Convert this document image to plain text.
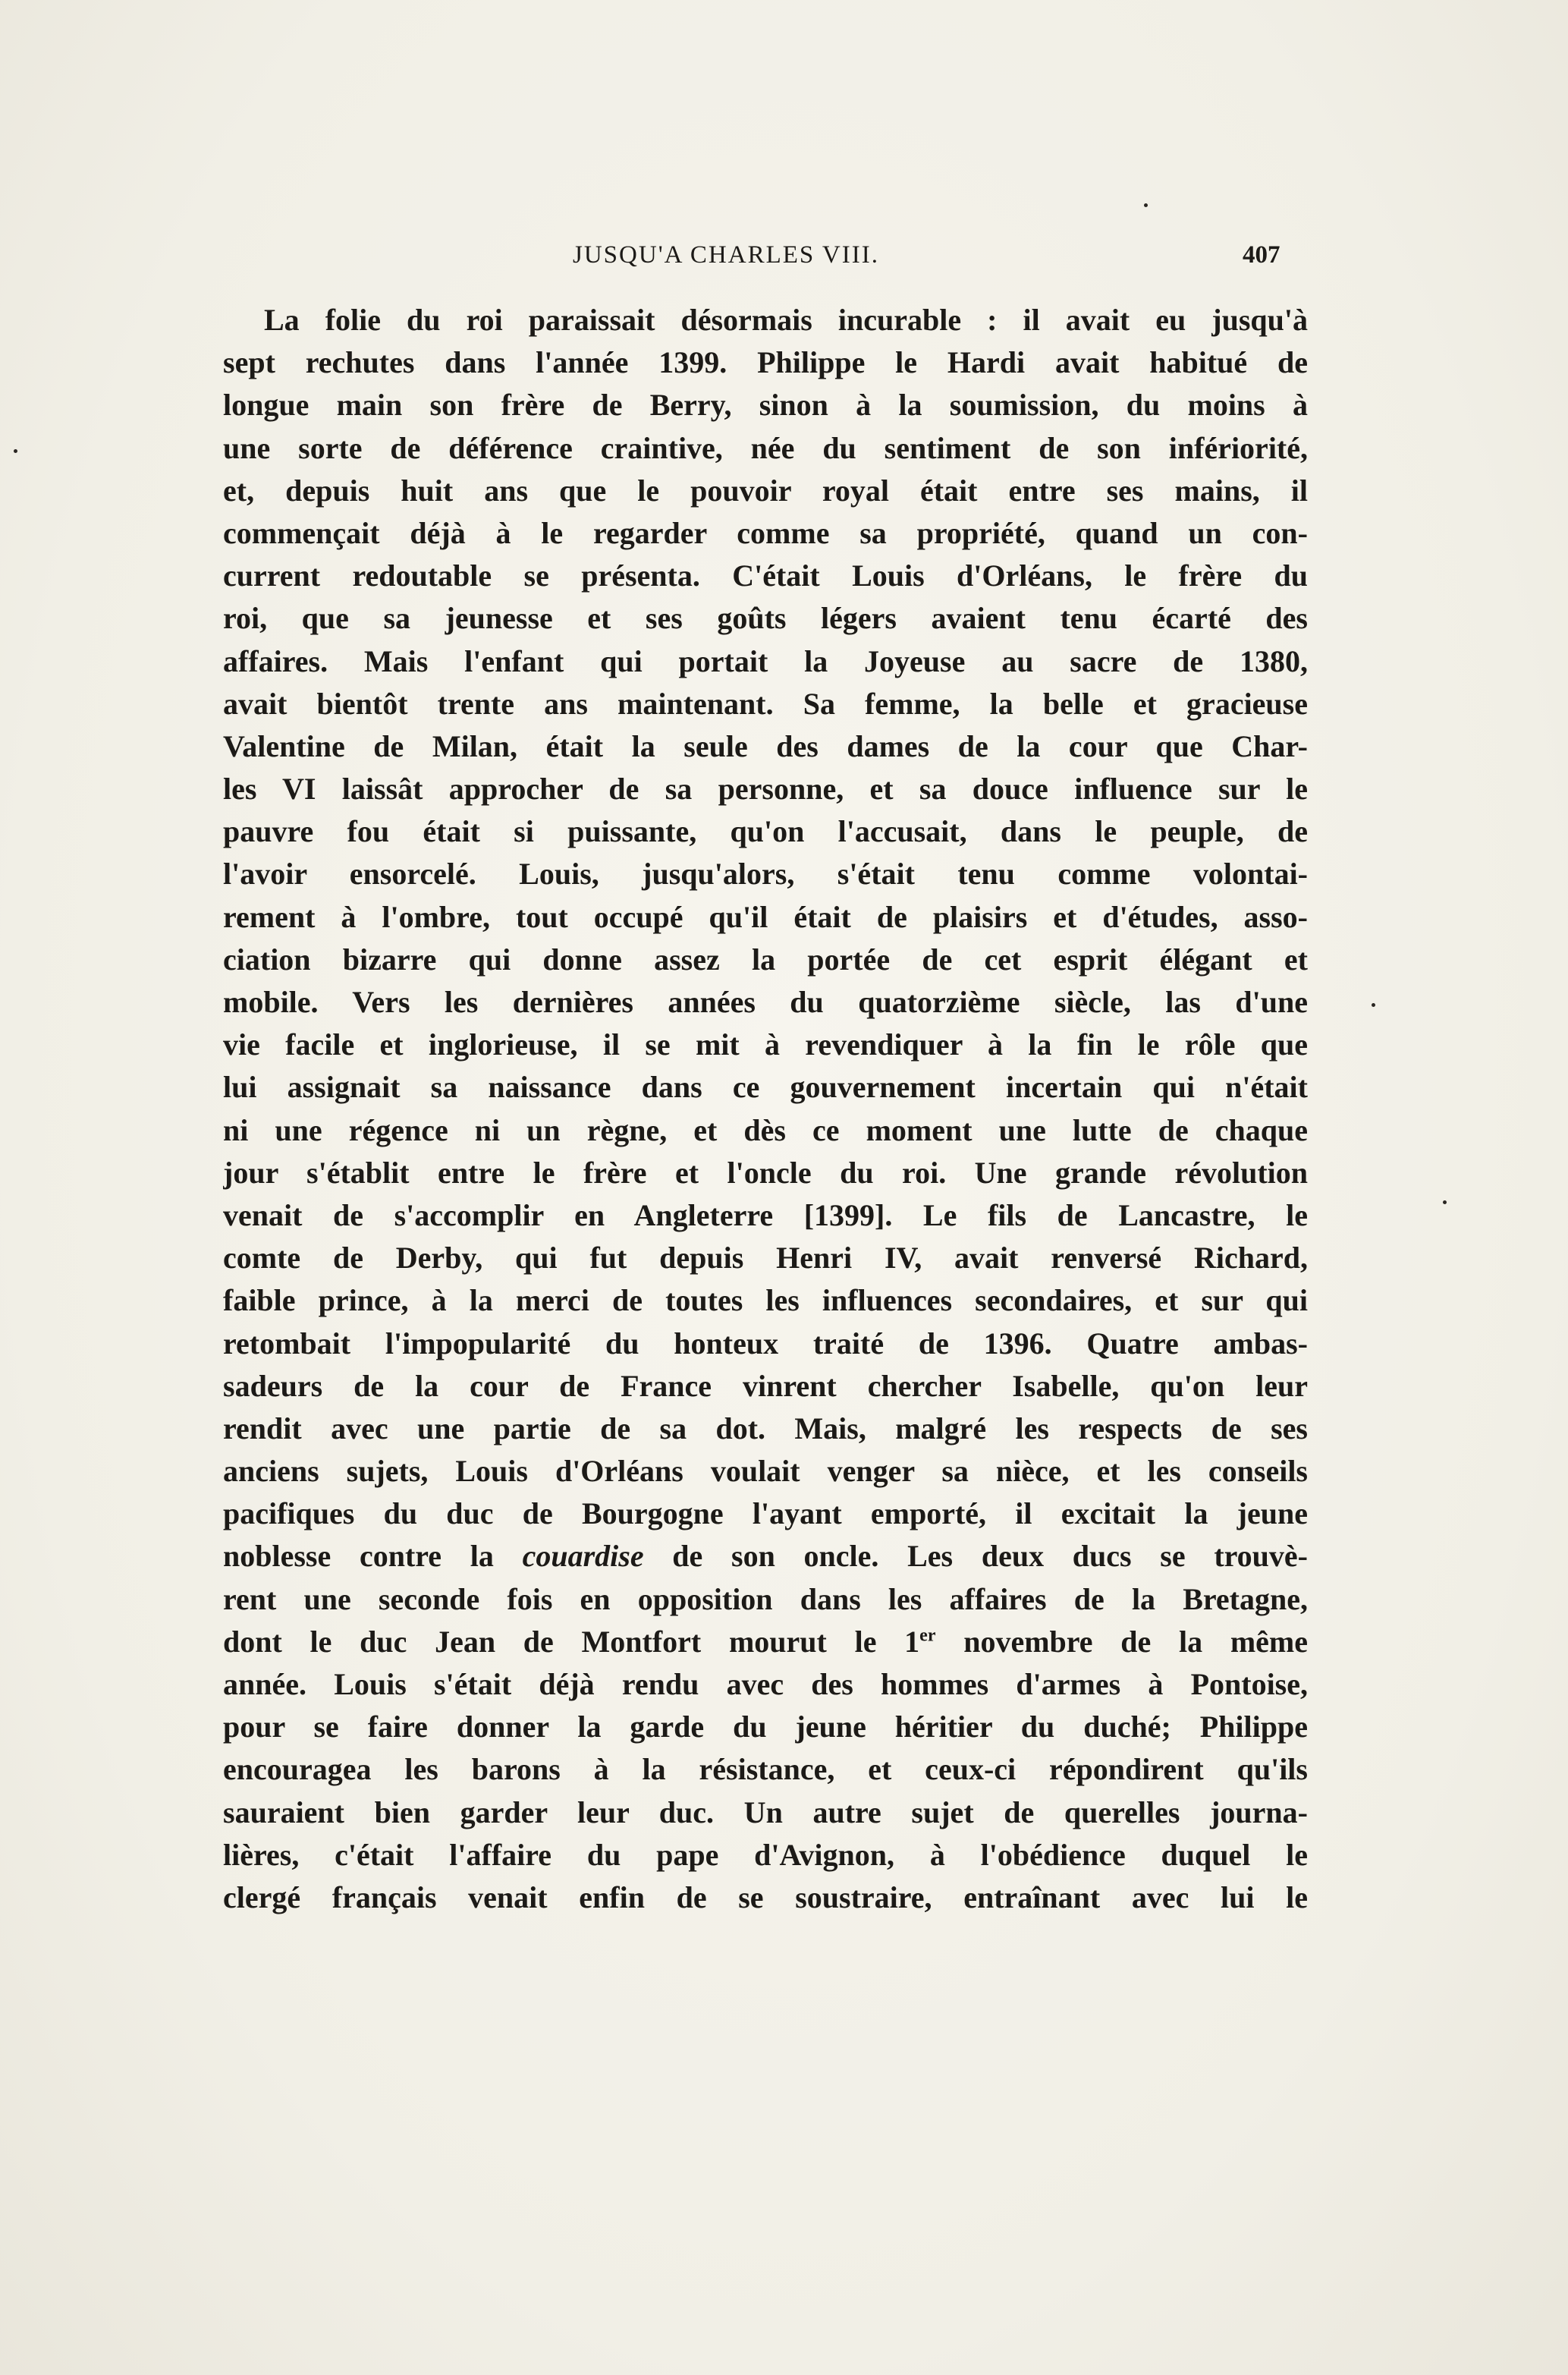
JUSQU'A CHARLES VIII.	407
La folie du roi paraissait désormais incurable : il avait eu jusqu'à
sept rechutes dans l'année 1399. Philippe le Hardi avait habitué de
longue main son frère de Berry, sinon à la soumission, du moins à
une sorte de déférence craintive, née du sentiment de son infériorité,
et, depuis huit ans que le pouvoir royal était entre ses mains, il
commençait déjà à le regarder comme sa propriété, quand un con-
current redoutable se présenta. C'était Louis d'Orléans, le frère du
roi, que sa jeunesse et ses goûts légers avaient tenu écarté des
affaires. Mais l'enfant qui portait la Joyeuse au sacre de 1380,
avait bientôt trente ans maintenant. Sa femme, la belle et gracieuse
Valentine de Milan, était la seule des dames de la cour que Char-
les VI laissât approcher de sa personne, et sa douce influence sur le
pauvre fou était si puissante, qu'on l'accusait, dans le peuple, de
l'avoir ensorcelé. Louis, jusqu'alors, s'était tenu comme volontai-
rement à l'ombre, tout occupé qu'il était de plaisirs et d'études, asso-
ciation bizarre qui donne assez la portée de cet esprit élégant et
mobile. Vers les dernières années du quatorzième siècle, las d'une
vie facile et inglorieuse, il se mit à revendiquer à la fin le rôle que
lui assignait sa naissance dans ce gouvernement incertain qui n'était
ni une régence ni un règne, et dès ce moment une lutte de chaque
jour s'établit entre le frère et l'oncle du roi. Une grande révolution
venait de s'accomplir en Angleterre [1399]. Le fils de Lancastre, le
comte de Derby, qui fut depuis Henri IV, avait renversé Richard,
faible prince, à la merci de toutes les influences secondaires, et sur qui
retombait l'impopularité du honteux traité de 1396. Quatre ambas-
sadeurs de la cour de France vinrent chercher Isabelle, qu'on leur
rendit avec une partie de sa dot. Mais, malgré les respects de ses
anciens sujets, Louis d'Orléans voulait venger sa nièce, et les conseils
pacifiques du duc de Bourgogne l'ayant emporté, il excitait la jeune
noblesse contre la couardise de son oncle. Les deux ducs se trouvè-
rent une seconde fois en opposition dans les affaires de la Bretagne,
dont le duc Jean de Montfort mourut le 1er novembre de la même
année. Louis s'était déjà rendu avec des hommes d'armes à Pontoise,
pour se faire donner la garde du jeune héritier du duché; Philippe
encouragea les barons à la résistance, et ceux-ci répondirent qu'ils
sauraient bien garder leur duc. Un autre sujet de querelles journa-
lières, c'était l'affaire du pape d'Avignon, à l'obédience duquel le
clergé français venait enfin de se soustraire, entraînant avec lui le
